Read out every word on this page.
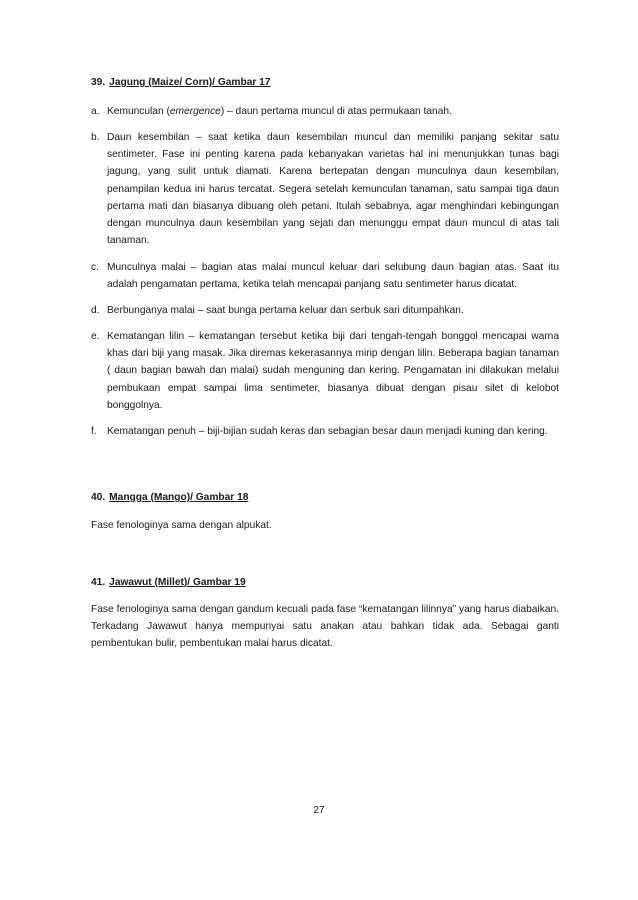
39. Jagung (Maize/ Corn)/ Gambar 17
a. Kemunculan (emergence) – daun pertama muncul di atas permukaan tanah.
b. Daun kesembilan – saat ketika daun kesembilan muncul dan memiliki panjang sekitar satu sentimeter. Fase ini penting karena pada kebanyakan varietas hal ini menunjukkan tunas bagi jagung, yang sulit untuk diamati. Karena bertepatan dengan munculnya daun kesembilan, penampilan kedua ini harus tercatat. Segera setelah kemunculan tanaman, satu sampai tiga daun pertama mati dan biasanya dibuang oleh petani. Itulah sebabnya, agar menghindari kebingungan dengan munculnya daun kesembilan yang sejati dan menunggu empat daun muncul di atas tali tanaman.
c. Munculnya malai – bagian atas malai muncul keluar dari selubung daun bagian atas. Saat itu adalah pengamatan pertama, ketika telah mencapai panjang satu sentimeter harus dicatat.
d. Berbunganya malai – saat bunga pertama keluar dan serbuk sari ditumpahkan.
e. Kematangan lilin – kematangan tersebut ketika biji dari tengah-tengah bonggol mencapai warna khas dari biji yang masak. Jika diremas kekerasannya mirip dengan lilin. Beberapa bagian tanaman ( daun bagian bawah dan malai) sudah menguning dan kering. Pengamatan ini dilakukan melalui pembukaan empat sampai lima sentimeter, biasanya dibuat dengan pisau silet di kelobot bonggolnya.
f. Kematangan penuh – biji-bijian sudah keras dan sebagian besar daun menjadi kuning dan kering.
40. Mangga (Mango)/ Gambar 18
Fase fenologinya sama dengan alpukat.
41. Jawawut (Millet)/ Gambar 19
Fase fenologinya sama dengan gandum kecuali pada fase “kematangan lilinnya” yang harus diabaikan. Terkadang Jawawut hanya mempunyai satu anakan atau bahkan tidak ada. Sebagai ganti pembentukan bulir, pembentukan malai harus dicatat.
27
